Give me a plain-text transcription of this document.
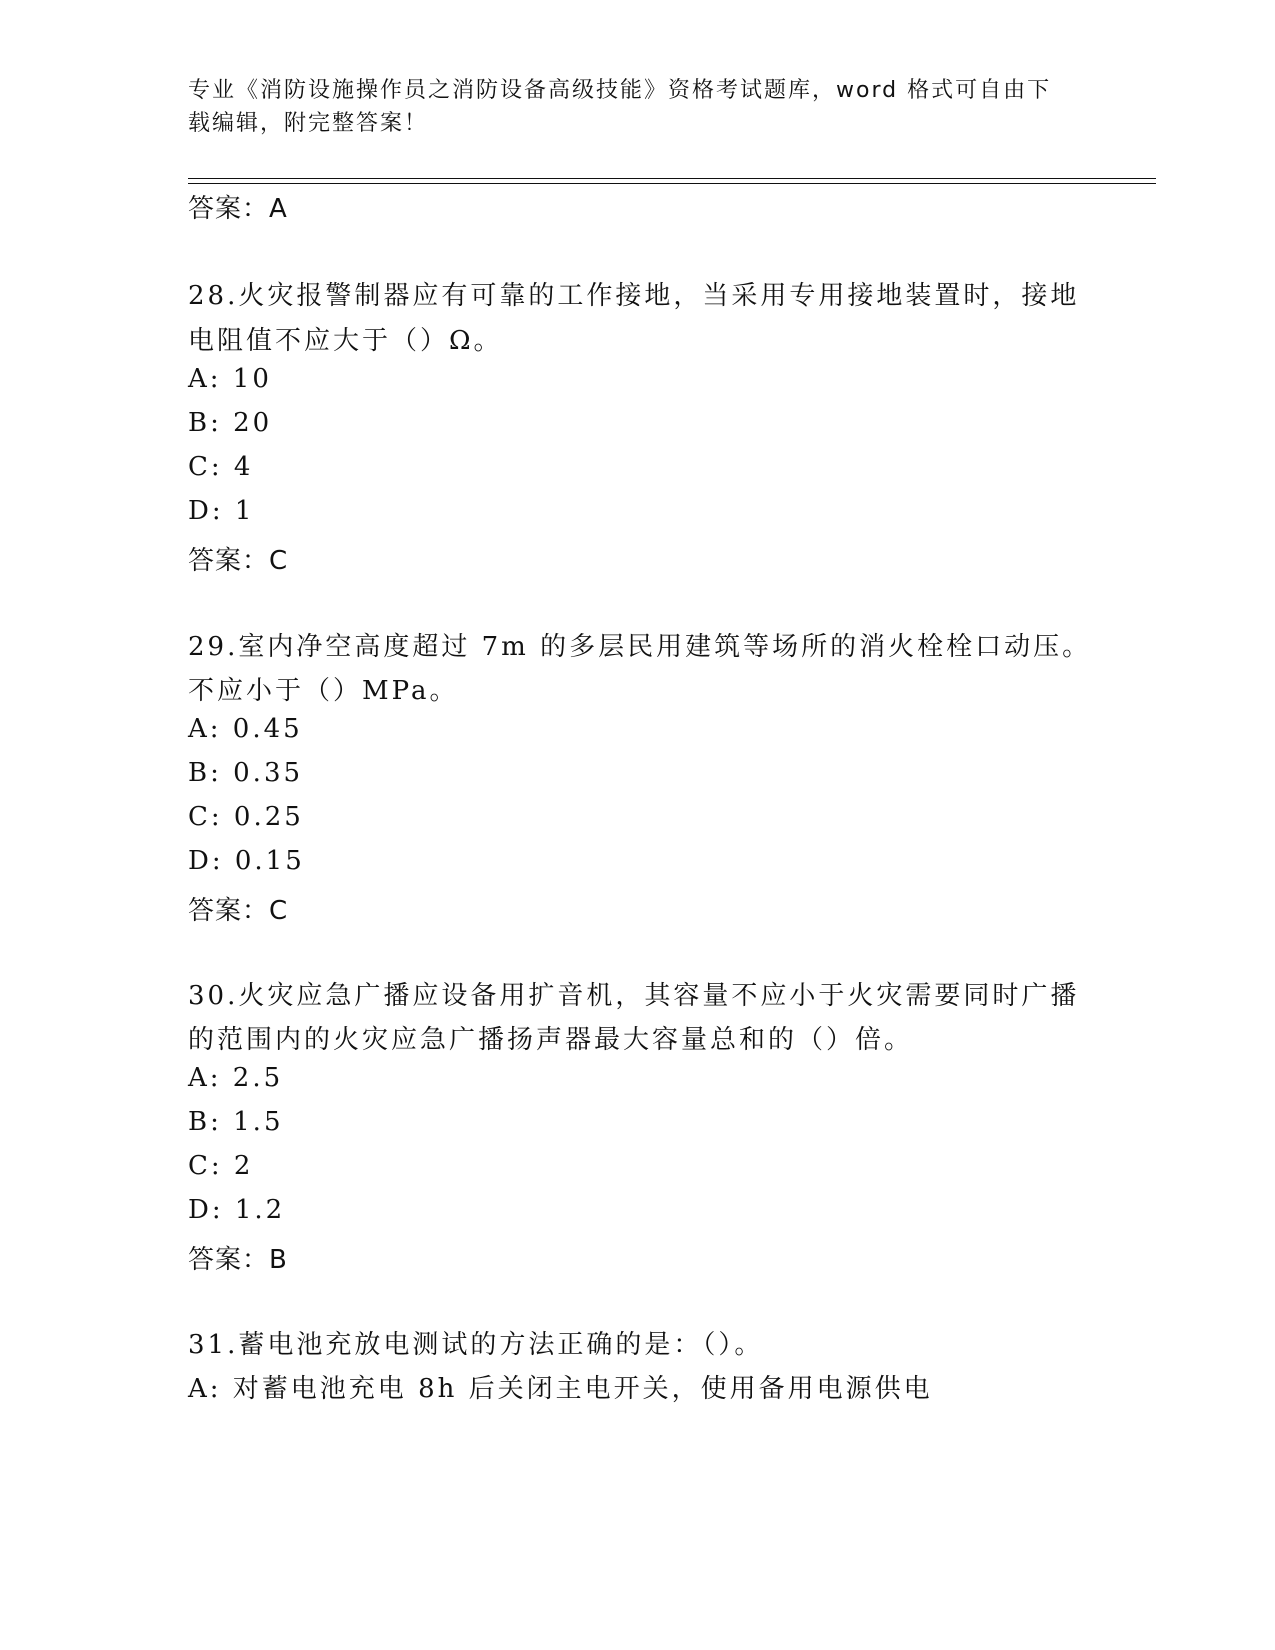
专业《消防设施操作员之消防设备高级技能》资格考试题库，word 格式可自由下
载编辑，附完整答案！
答案：A
28.火灾报警制器应有可靠的工作接地，当采用专用接地装置时，接地
电阻值不应大于（）Ω。
A: 10
B: 20
C: 4
D: 1
答案：C
29.室内净空高度超过 7m 的多层民用建筑等场所的消火栓栓口动压。
不应小于（）MPa。
A: 0.45
B: 0.35
C: 0.25
D: 0.15
答案：C
30.火灾应急广播应设备用扩音机，其容量不应小于火灾需要同时广播
的范围内的火灾应急广播扬声器最大容量总和的（）倍。
A: 2.5
B: 1.5
C: 2
D: 1.2
答案：B
31.蓄电池充放电测试的方法正确的是：（）。
A: 对蓄电池充电 8h 后关闭主电开关，使用备用电源供电
